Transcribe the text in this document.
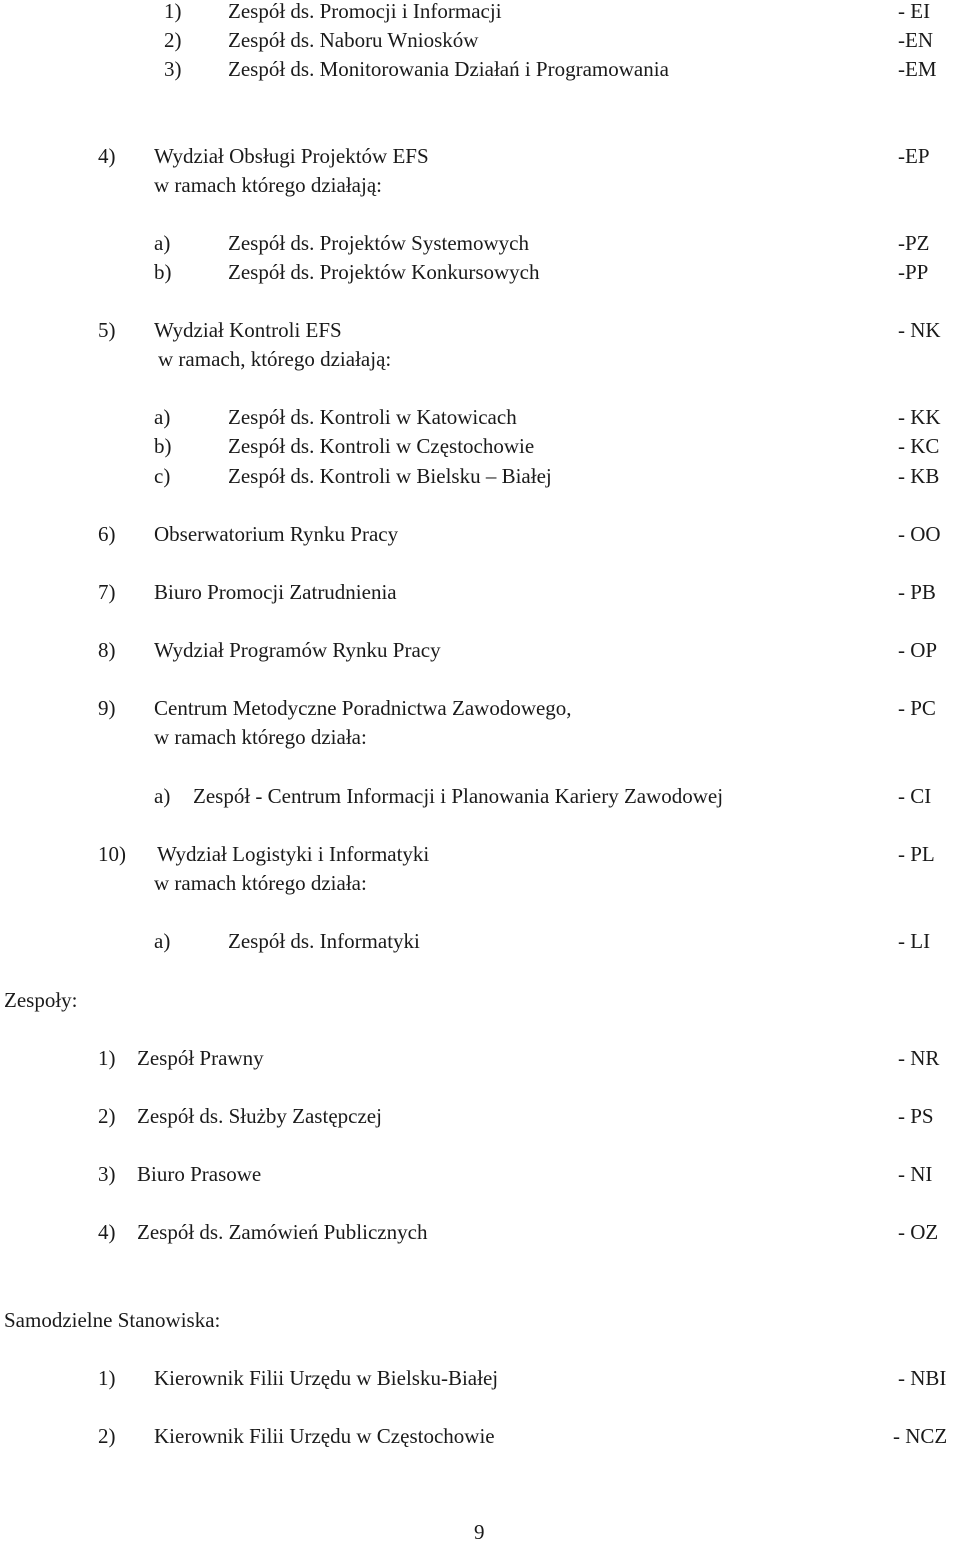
1) Zespół ds. Promocji i Informacji	- EI
2) Zespół ds. Naboru Wniosków	-EN
3) Zespół ds. Monitorowania Działań i Programowania	-EM
4) Wydział Obsługi Projektów EFS	-EP
w ramach którego działają:
a)	Zespół ds. Projektów Systemowych	-PZ
b)	Zespół ds. Projektów Konkursowych	-PP
5) Wydział Kontroli EFS	- NK
w ramach, którego działają:
a)	Zespół ds. Kontroli w Katowicach	- KK
b)	Zespół ds. Kontroli w Częstochowie	- KC
c)	Zespół ds. Kontroli w Bielsku – Białej	- KB
6) Obserwatorium Rynku Pracy	- OO
7) Biuro Promocji Zatrudnienia	- PB
8) Wydział Programów Rynku Pracy	- OP
9) Centrum Metodyczne Poradnictwa Zawodowego,	- PC
w ramach którego działa:
a) Zespół - Centrum Informacji i Planowania Kariery Zawodowej	- CI
10) Wydział Logistyki i Informatyki	- PL
w ramach którego działa:
a)	Zespół ds. Informatyki	- LI
Zespoły:
1) Zespół Prawny	- NR
2) Zespół ds. Służby Zastępczej	- PS
3) Biuro Prasowe	- NI
4) Zespół ds. Zamówień Publicznych	- OZ
Samodzielne Stanowiska:
1) Kierownik Filii Urzędu w Bielsku-Białej	- NBI
2) Kierownik Filii Urzędu w Częstochowie	- NCZ
9
